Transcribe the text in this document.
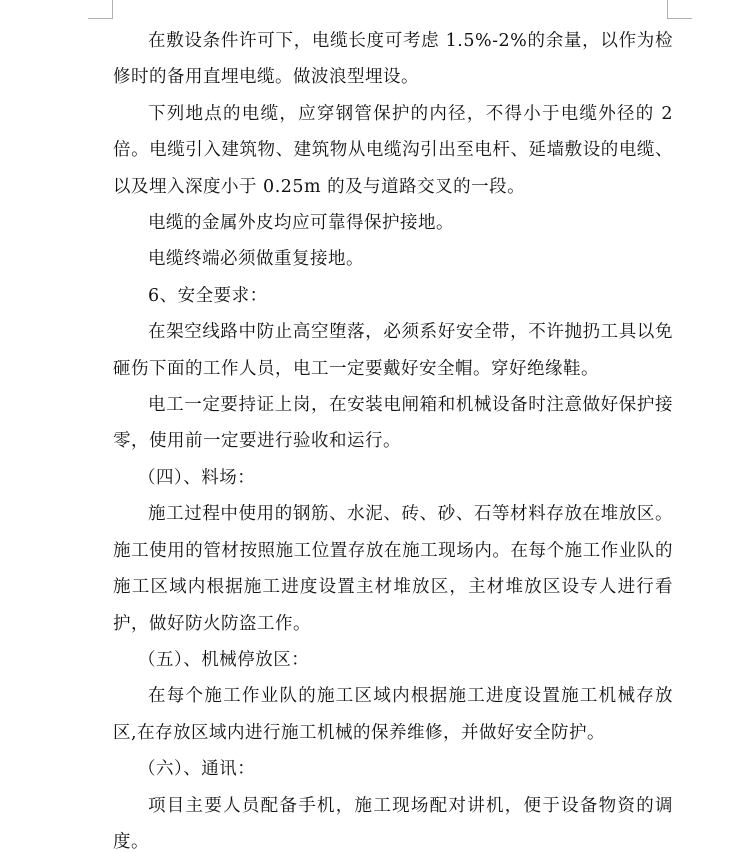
在敷设条件许可下，电缆长度可考虑 1.5%-2%的余量，以作为检修时的备用直埋电缆。做波浪型埋设。

下列地点的电缆，应穿钢管保护的内径，不得小于电缆外径的 2 倍。电缆引入建筑物、建筑物从电缆沟引出至电杆、延墙敷设的电缆、以及埋入深度小于 0.25m 的及与道路交叉的一段。

电缆的金属外皮均应可靠得保护接地。

电缆终端必须做重复接地。

6、安全要求：

在架空线路中防止高空堕落，必须系好安全带，不许抛扔工具以免砸伤下面的工作人员，电工一定要戴好安全帽。穿好绝缘鞋。

电工一定要持证上岗，在安装电闸箱和机械设备时注意做好保护接零，使用前一定要进行验收和运行。

（四）、料场：

施工过程中使用的钢筋、水泥、砖、砂、石等材料存放在堆放区。施工使用的管材按照施工位置存放在施工现场内。在每个施工作业队的施工区域内根据施工进度设置主材堆放区，主材堆放区设专人进行看护，做好防火防盗工作。

（五）、机械停放区：

在每个施工作业队的施工区域内根据施工进度设置施工机械存放区,在存放区域内进行施工机械的保养维修，并做好安全防护。

（六）、通讯：

项目主要人员配备手机，施工现场配对讲机，便于设备物资的调度。
